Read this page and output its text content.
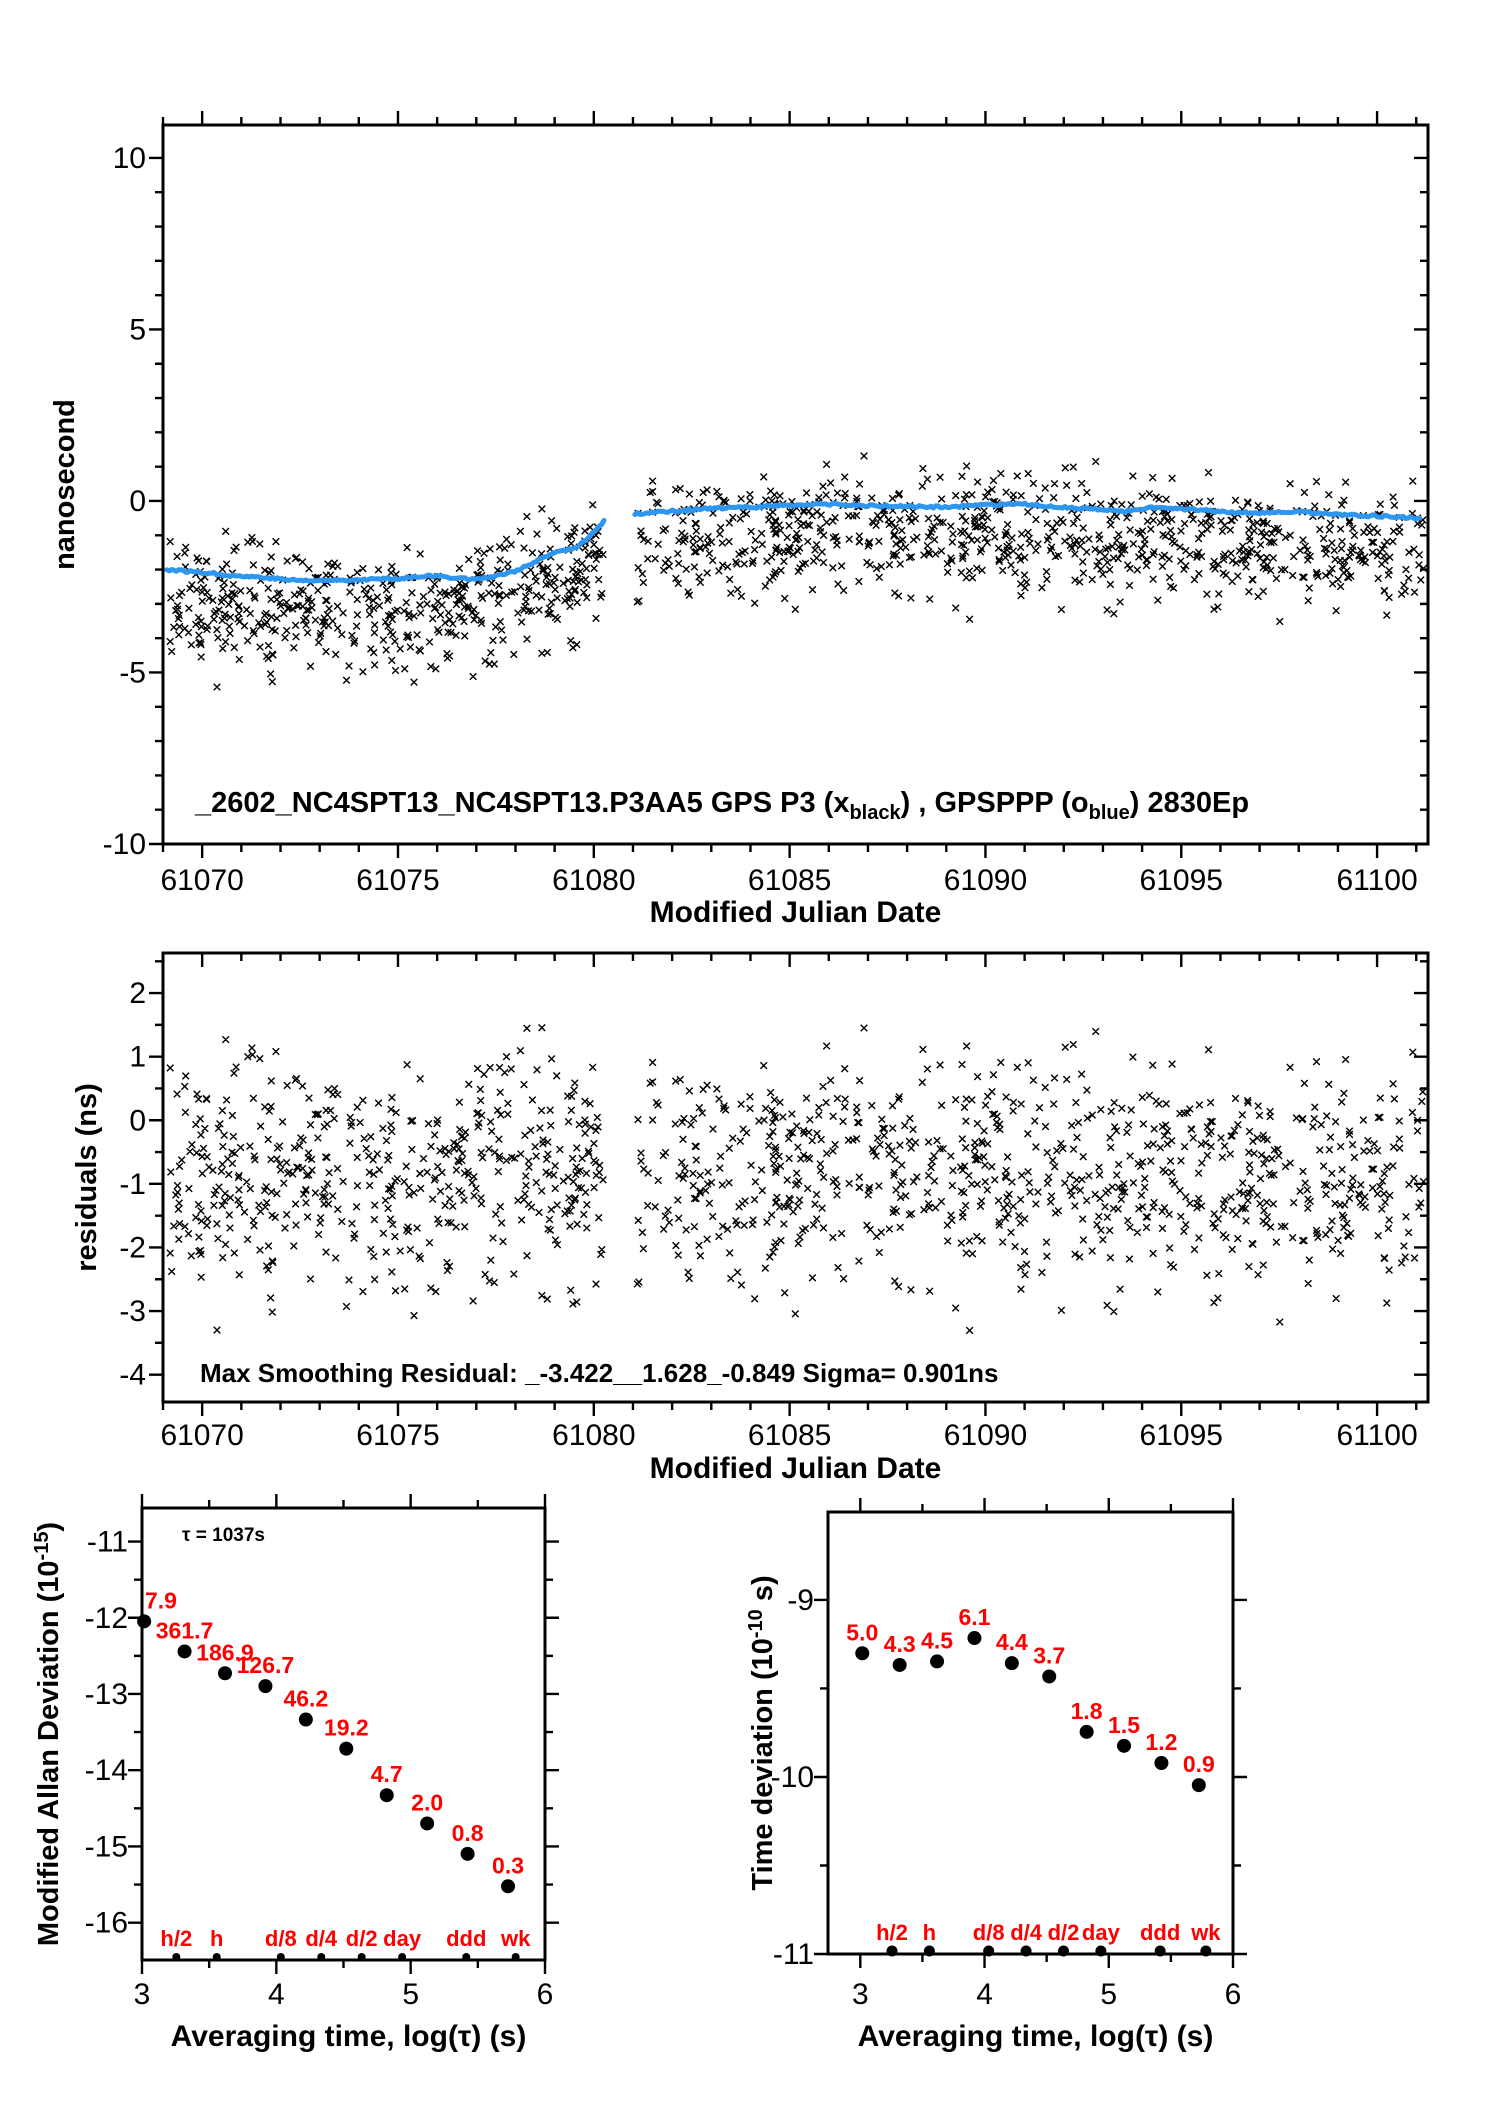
_2602_NC4SPT13_NC4SPT13.P3AA5 GPS P3 $(x_{black})$ , GPSPPP $(o_{blue})$ 2830Ep
10
5
0
-5
-10
61070	61075	61080	61085	61090	61095	61100
Modified Julian Date
nanosecond
Max Smoothing Residual: _-3.422__1.628_-0.849 Sigma= 0.901ns
2
1
0
-1
-2
-3
-4
61070	61075	61080	61085	61090	61095	61100
Modified Julian Date
residuals (ns)
7.9
361.7
186.9
126.7
46.2
19.2
4.7
2.0
0.8
0.3
h/2 h d/8 d/4 d/2 day ddd wk
τ = 1037s
-11
-12
-13
-14
-15
-16
3	4	5	6
Averaging time, log(τ) (s)
Modified Allan Deviation $(10^{-15})$
5.0 4.3 4.5
6.1
4.4
3.7
1.8
1.5
1.2
0.9
h/2 h d/8 d/4 d/2 day ddd wk
-9
-10
-11
3	4	5	6
Averaging time, log(τ) (s)
Time deviation ($10^{-10}$ s)
